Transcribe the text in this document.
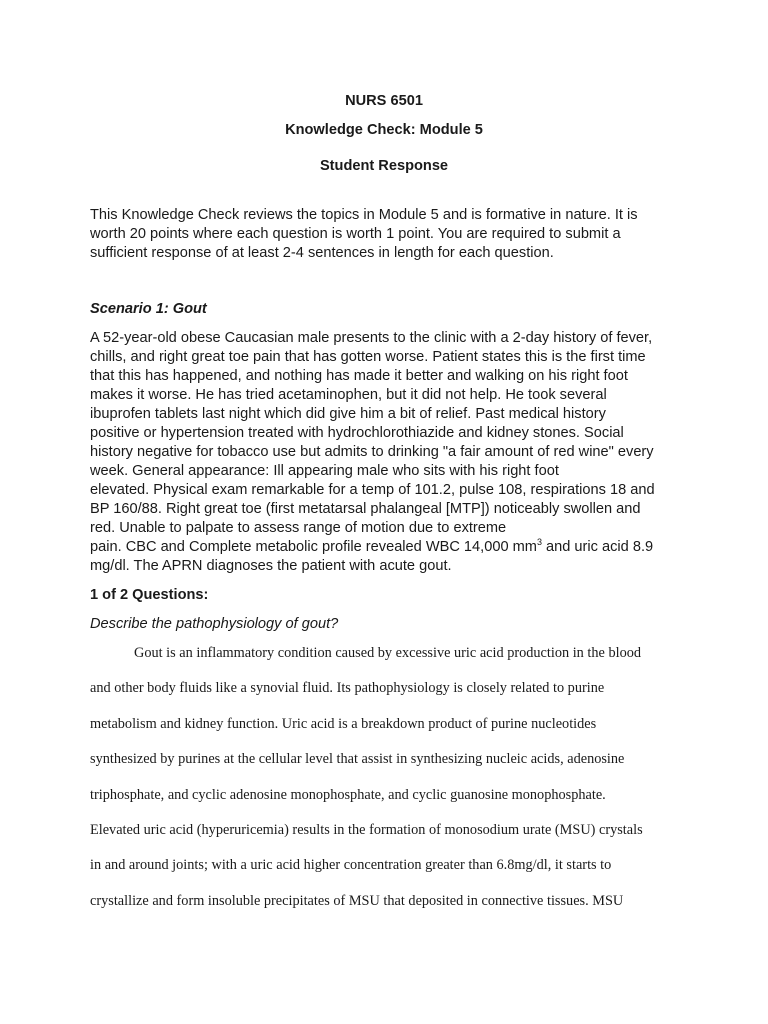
NURS 6501
Knowledge Check: Module 5
Student Response
This Knowledge Check reviews the topics in Module 5 and is formative in nature. It is
worth 20 points where each question is worth 1 point. You are required to submit a
sufficient response of at least 2-4 sentences in length for each question.
Scenario 1: Gout
A 52-year-old obese Caucasian male presents to the clinic with a 2-day history of fever,
chills, and right great toe pain that has gotten worse. Patient states this is the first time
that this has happened, and nothing has made it better and walking on his right foot
makes it worse. He has tried acetaminophen, but it did not help. He took several
ibuprofen tablets last night which did give him a bit of relief. Past medical history
positive or hypertension treated with hydrochlorothiazide and kidney stones. Social
history negative for tobacco use but admits to drinking "a fair amount of red wine" every
week. General appearance: Ill appearing male who sits with his right foot
elevated. Physical exam remarkable for a temp of 101.2, pulse 108, respirations 18 and
BP 160/88. Right great toe (first metatarsal phalangeal [MTP]) noticeably swollen and
red. Unable to palpate to assess range of motion due to extreme
pain. CBC and Complete metabolic profile revealed WBC 14,000 $mm^3$ and uric acid 8.9
mg/dl. The APRN diagnoses the patient with acute gout.
1 of 2 Questions:
Describe the pathophysiology of gout?
Gout is an inflammatory condition caused by excessive uric acid production in the blood
and other body fluids like a synovial fluid. Its pathophysiology is closely related to purine
metabolism and kidney function. Uric acid is a breakdown product of purine nucleotides
synthesized by purines at the cellular level that assist in synthesizing nucleic acids, adenosine
triphosphate, and cyclic adenosine monophosphate, and cyclic guanosine monophosphate.
Elevated uric acid (hyperuricemia) results in the formation of monosodium urate (MSU) crystals
in and around joints; with a uric acid higher concentration greater than 6.8mg/dl, it starts to
crystallize and form insoluble precipitates of MSU that deposited in connective tissues. MSU
